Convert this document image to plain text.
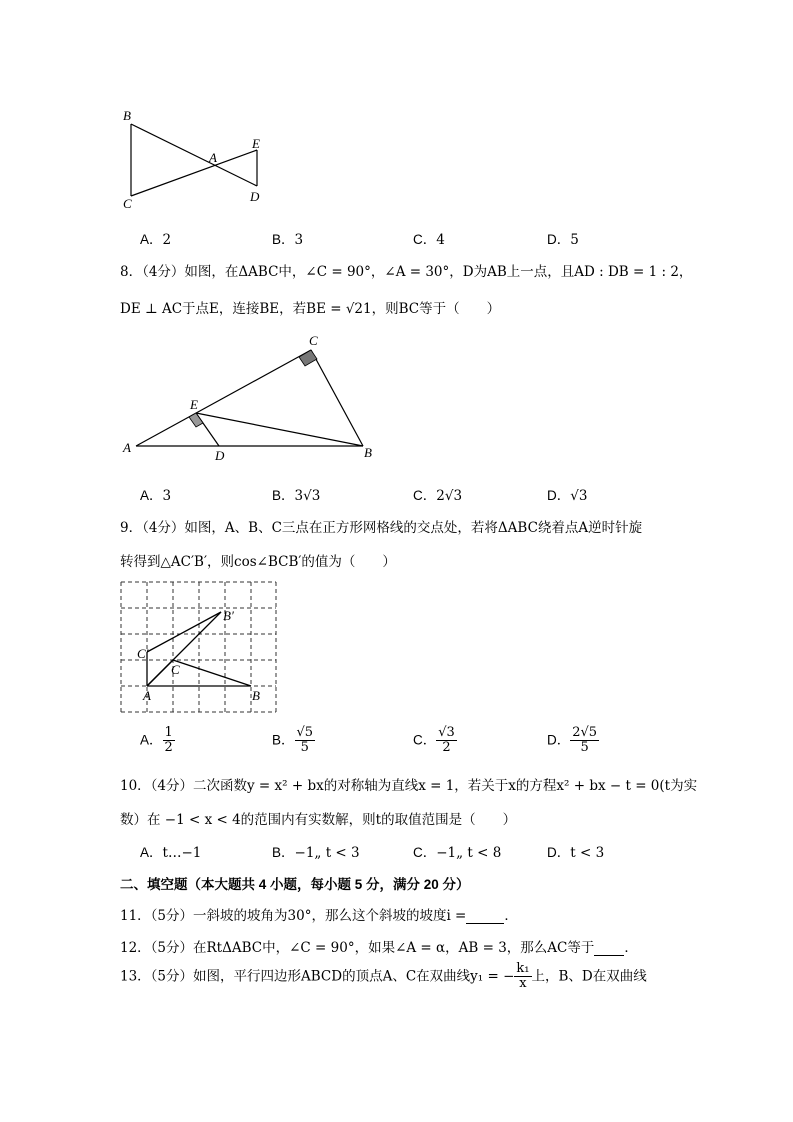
B
C
A
E
D
A．2	B．3	C．4	D．5
8．（4分）如图，在ΔABC中，∠C = 90°，∠A = 30°，D为AB上一点，且AD : DB = 1 : 2，
DE ⊥ AC于点E，连接BE，若BE = √21，则BC等于（　　）
A	B
C
D
E
A．3	B．3√3	C．2√3	D．√3
9．（4分）如图，A、B、C三点在正方形网格线的交点处，若将ΔABC绕着点A逆时针旋
转得到△AC′B′，则cos∠BCB′的值为（　　）
C′
B′
C
A	B
A． $\frac{1}{2}$	B． $\frac{√5}{5}$	C． $\frac{√3}{2}$	D． $\frac{2√5}{5}$
10．（4分）二次函数y = x² + bx的对称轴为直线x = 1，若关于x的方程x² + bx − t = 0(t为实
数）在 −1 < x < 4的范围内有实数解，则t的取值范围是（　　）
A．t…−1	B．−1„ t < 3	C．−1„ t < 8	D．t < 3
二、填空题（本大题共 4 小题，每小题 5 分，满分 20 分）
11．（5分）一斜坡的坡角为30°，那么这个斜坡的坡度i =	．
12．（5分）在RtΔABC中，∠C = 90°，如果∠A = α，AB = 3，那么AC等于 ．
13．（5分）如图，平行四边形ABCD的顶点A、C在双曲线y₁ = − $\frac{\text{k₁}}{x}$ 上，B、D在双曲线
